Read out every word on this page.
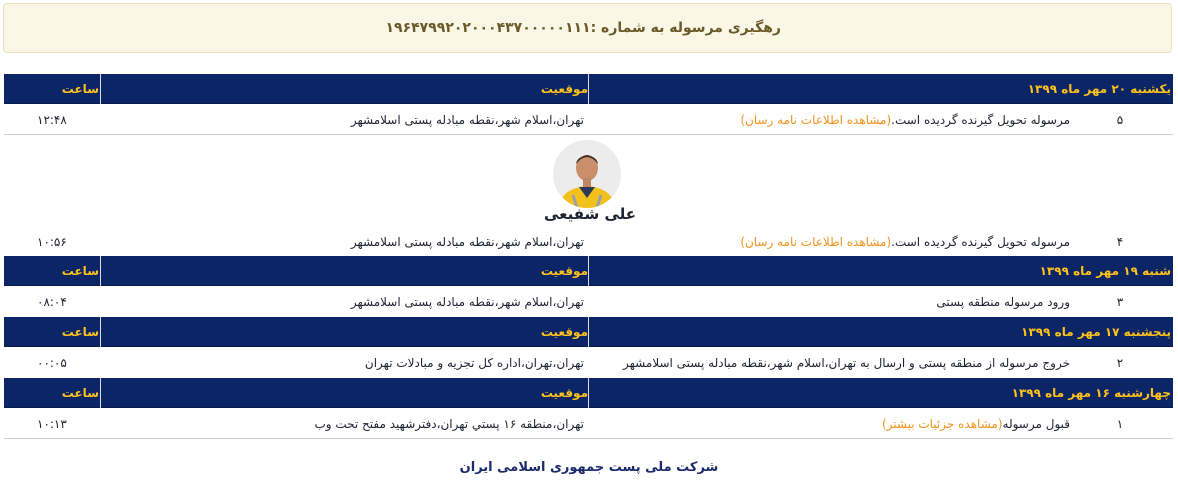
رهگیری مرسوله به شماره :۱۹۶۴۷۹۹۲۰۲۰۰۰۴۳۷۰۰۰۰۰۱۱۱
یکشنبه ۲۰ مهر ماه ۱۳۹۹
موقعیت
ساعت
۵
مرسوله تحویل گیرنده گردیده است.(مشاهده اطلاعات نامه رسان)
تهران،اسلام شهر،نقطه مبادله پستی اسلامشهر
۱۲:۴۸
علی شفیعی
۴
مرسوله تحویل گیرنده گردیده است.(مشاهده اطلاعات نامه رسان)
تهران،اسلام شهر،نقطه مبادله پستی اسلامشهر
۱۰:۵۶
شنبه ۱۹ مهر ماه ۱۳۹۹
موقعیت
ساعت
۳
ورود مرسوله منطقه پستی
تهران،اسلام شهر،نقطه مبادله پستی اسلامشهر
۰۸:۰۴
پنجشنبه ۱۷ مهر ماه ۱۳۹۹
موقعیت
ساعت
۲
خروج مرسوله از منطقه پستی و ارسال به تهران،اسلام شهر،نقطه مبادله پستی اسلامشهر
تهران،تهران،اداره کل تجزیه و مبادلات تهران
۰۰:۰۵
چهارشنبه ۱۶ مهر ماه ۱۳۹۹
موقعیت
ساعت
۱
قبول مرسوله(مشاهده جزئیات بیشتر)
تهران،منطقه ۱۶ پستي تهران،دفترشهید مفتح تحت وب
۱۰:۱۳
شرکت ملی پست جمهوری اسلامی ایران
